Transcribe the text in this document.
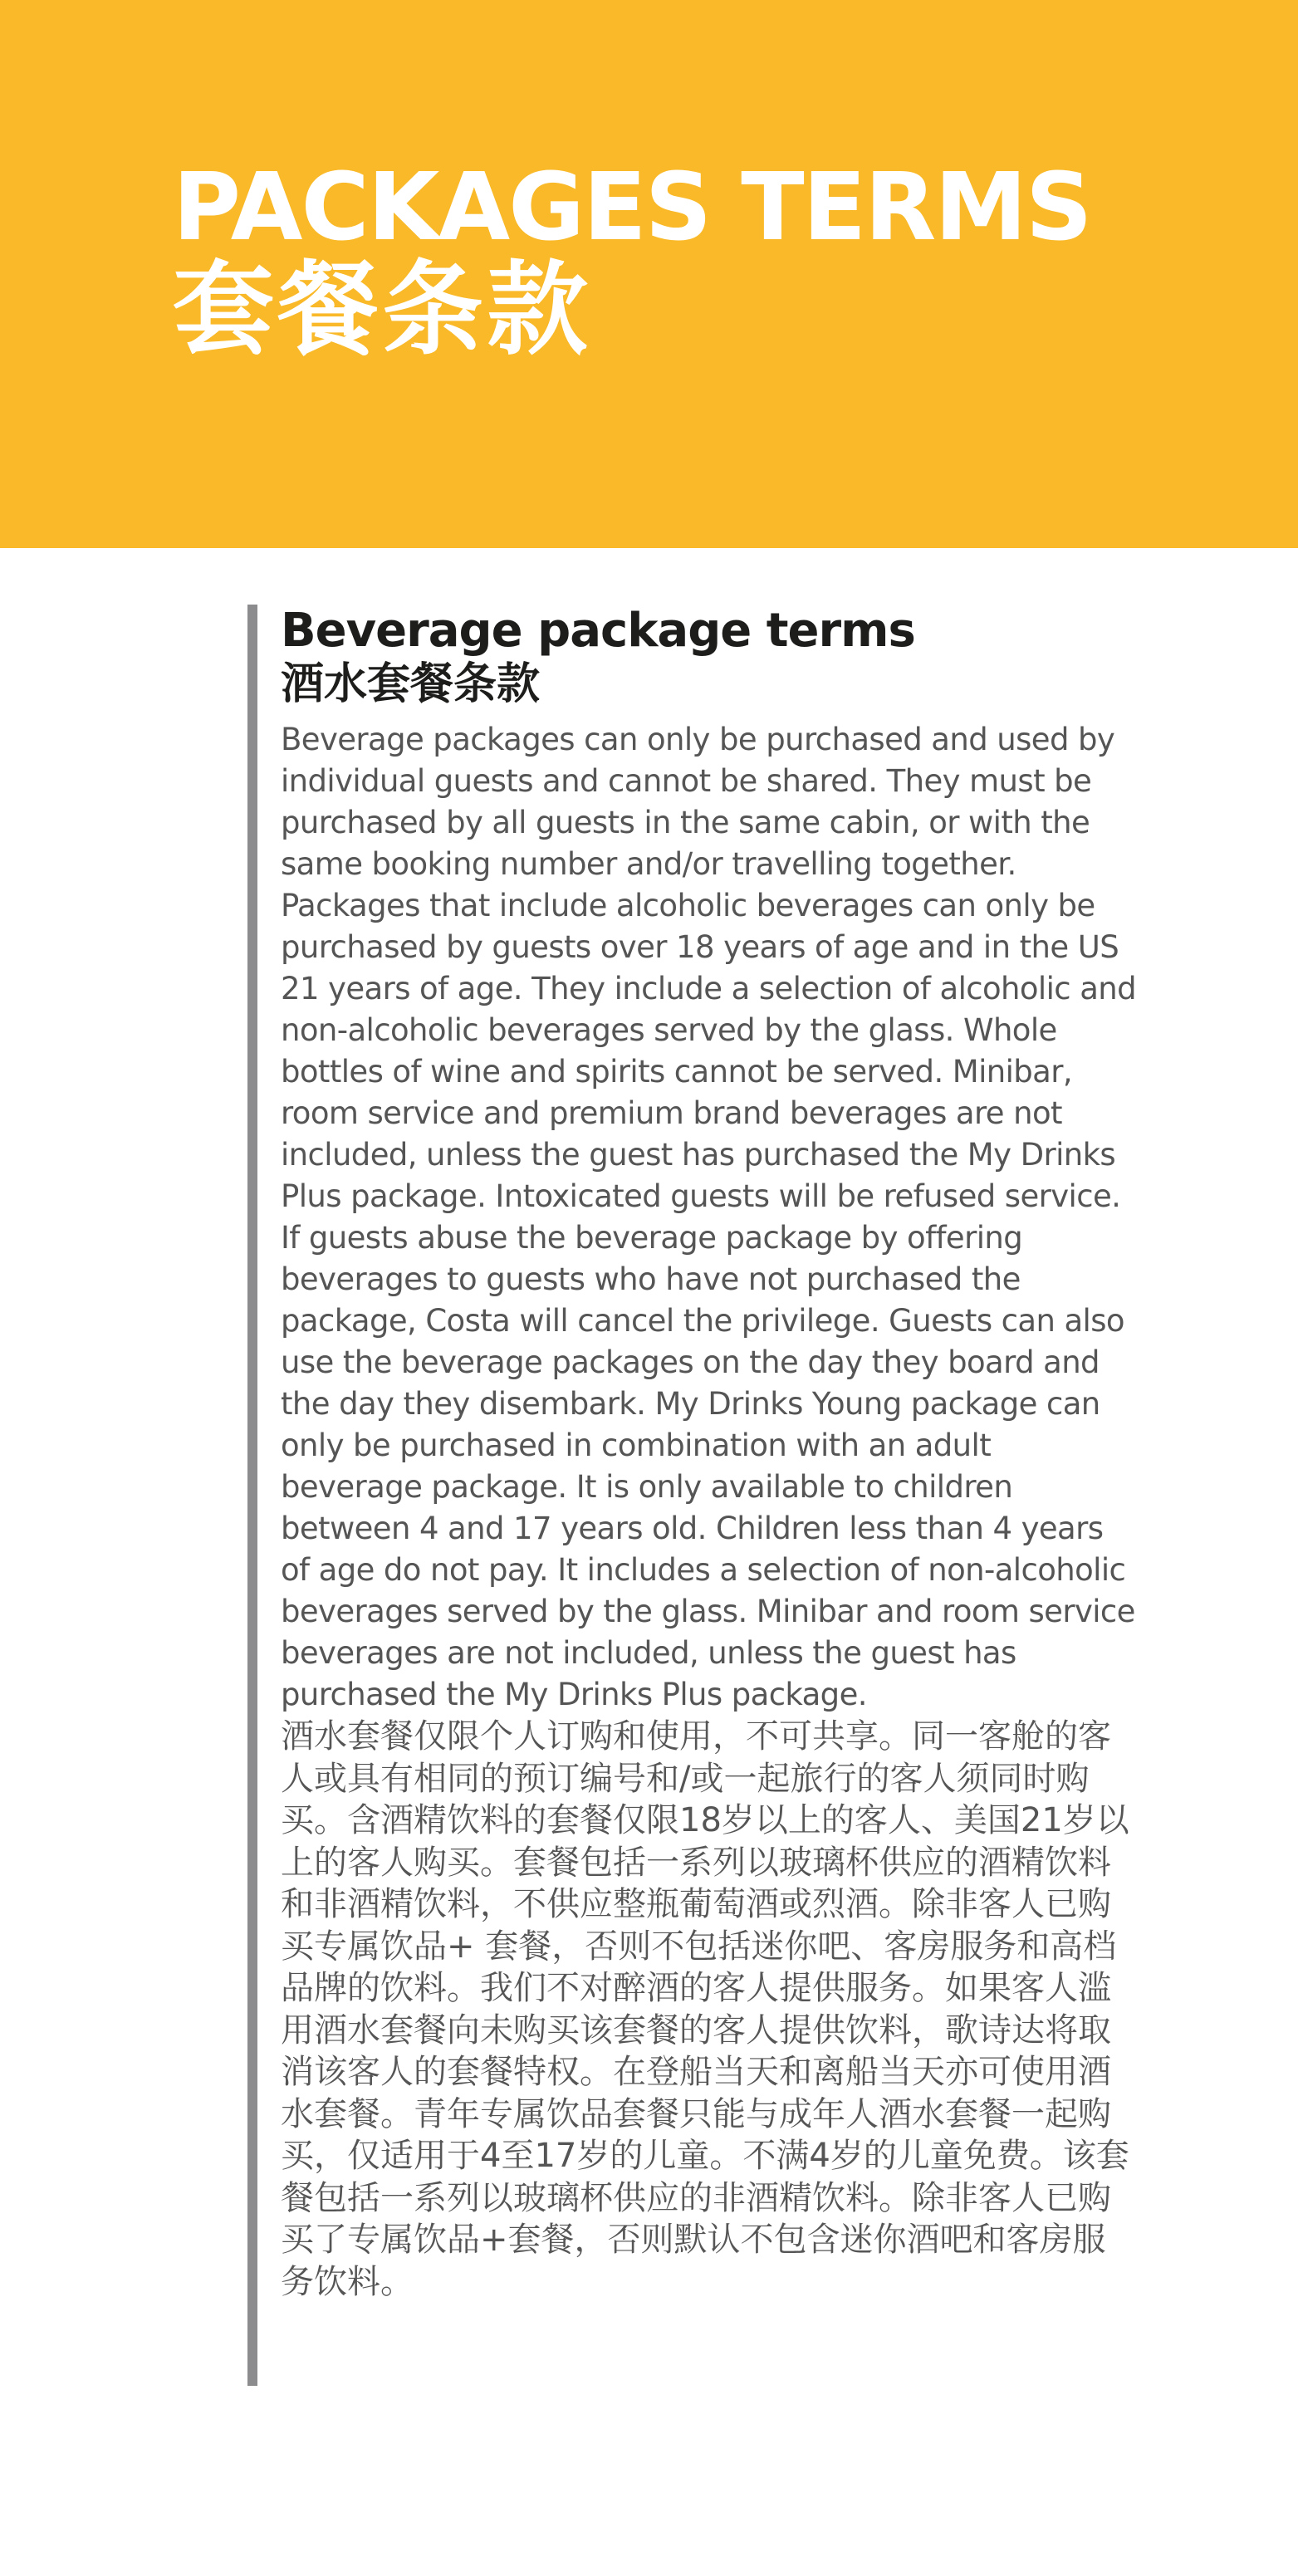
PACKAGES TERMS
套餐条款
Beverage package terms
酒水套餐条款

Beverage packages can only be purchased and used by individual guests and cannot be shared. They must be purchased by all guests in the same cabin, or with the same booking number and/or travelling together. Packages that include alcoholic beverages can only be purchased by guests over 18 years of age and in the US 21 years of age. They include a selection of alcoholic and non-alcoholic beverages served by the glass. Whole bottles of wine and spirits cannot be served. Minibar, room service and premium brand beverages are not included, unless the guest has purchased the My Drinks Plus package. Intoxicated guests will be refused service. If guests abuse the beverage package by offering beverages to guests who have not purchased the package, Costa will cancel the privilege. Guests can also use the beverage packages on the day they board and the day they disembark. My Drinks Young package can only be purchased in combination with an adult beverage package. It is only available to children between 4 and 17 years old. Children less than 4 years of age do not pay. It includes a selection of non-alcoholic beverages served by the glass. Minibar and room service beverages are not included, unless the guest has purchased the My Drinks Plus package.

酒水套餐仅限个人订购和使用，不可共享。同一客舱的客人或具有相同的预订编号和/或一起旅行的客人须同时购买。含酒精饮料的套餐仅限18岁以上的客人、美国21岁以上的客人购买。套餐包括一系列以玻璃杯供应的酒精饮料和非酒精饮料，不供应整瓶葡萄酒或烈酒。除非客人已购买专属饮品+ 套餐，否则不包括迷你吧、客房服务和高档品牌的饮料。我们不对醉酒的客人提供服务。如果客人滥用酒水套餐向未购买该套餐的客人提供饮料，歌诗达将取消该客人的套餐特权。在登船当天和离船当天亦可使用酒水套餐。青年专属饮品套餐只能与成年人酒水套餐一起购买，仅适用于4至17岁的儿童。不满4岁的儿童免费。该套餐包括一系列以玻璃杯供应的非酒精饮料。除非客人已购买了专属饮品+套餐，否则默认不包含迷你酒吧和客房服务饮料。
